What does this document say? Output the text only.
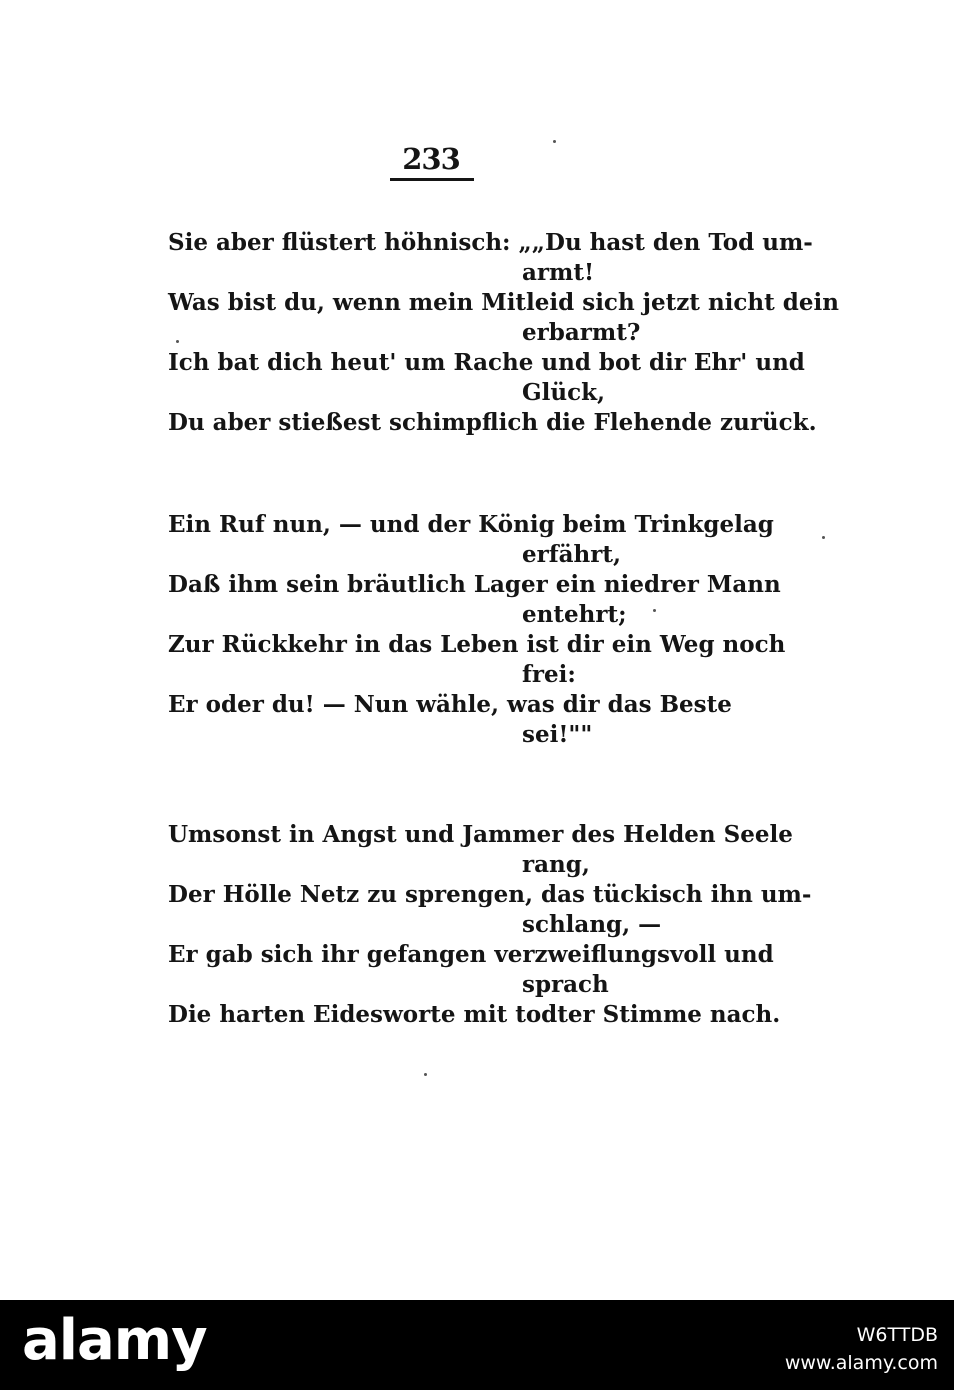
233
Sie aber flüstert höhnisch: „„Du hast den Tod um-
armt!
Was bist du, wenn mein Mitleid sich jetzt nicht dein
erbarmt?
Ich bat dich heut' um Rache und bot dir Ehr' und
Glück,
Du aber stießest schimpflich die Flehende zurück.
Ein Ruf nun, — und der König beim Trinkgelag
erfährt,
Daß ihm sein bräutlich Lager ein niedrer Mann
entehrt;
Zur Rückkehr in das Leben ist dir ein Weg noch
frei:
Er oder du! — Nun wähle, was dir das Beste
sei!""
Umsonst in Angst und Jammer des Helden Seele
rang,
Der Hölle Netz zu sprengen, das tückisch ihn um-
schlang, —
Er gab sich ihr gefangen verzweiflungsvoll und
sprach
Die harten Eidesworte mit todter Stimme nach.
alamy	W6TTDB
www.alamy.com
